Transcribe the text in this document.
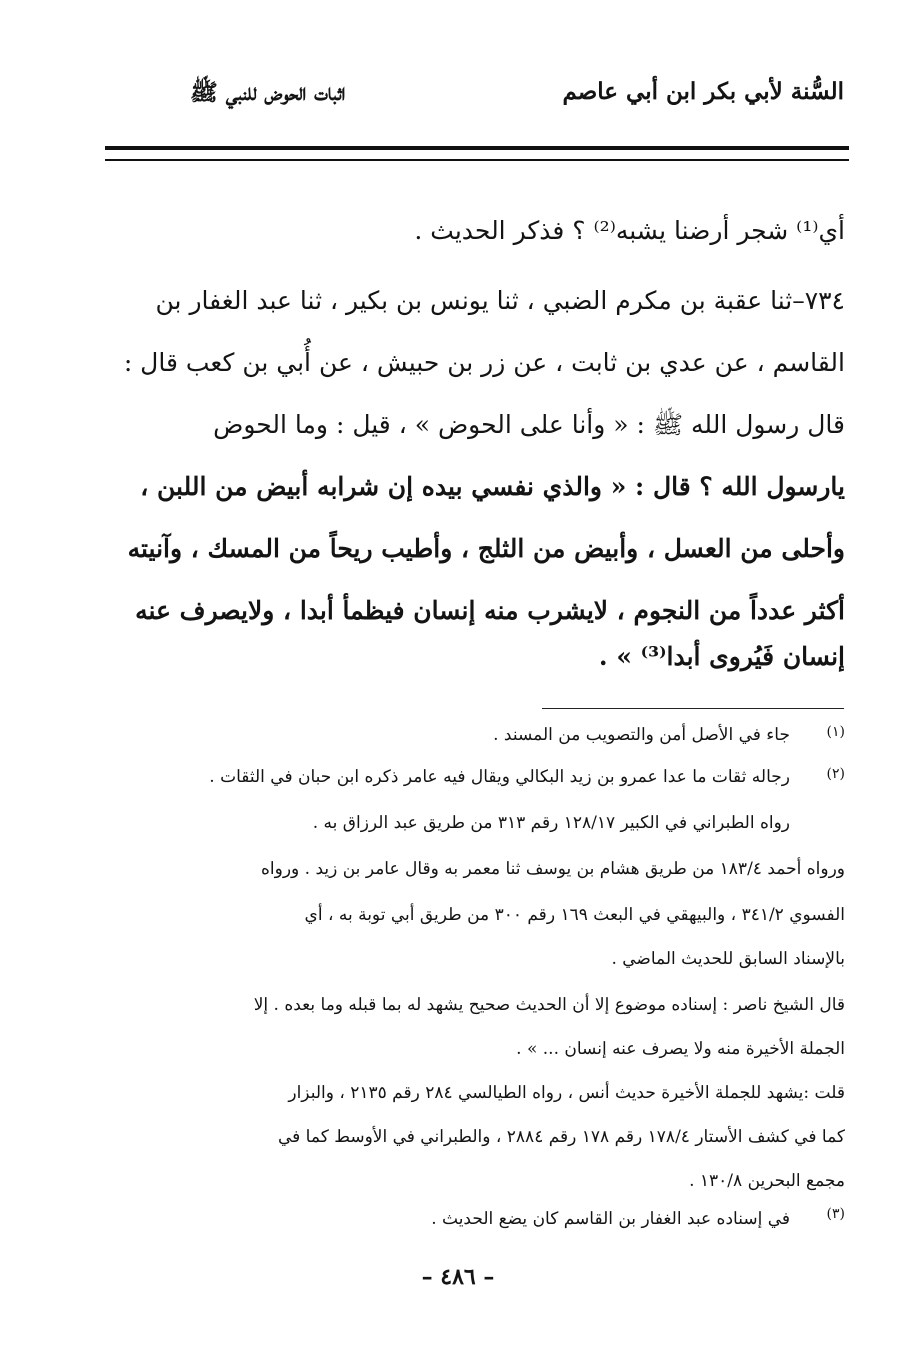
السُّنة لأبي بكر ابن أبي عاصم
اثبات الحوض للنبي ﷺ
أي⁽¹⁾ شجر أرضنا يشبه⁽²⁾ ؟ فذكر الحديث .
٧٣٤–ثنا عقبة بن مكرم الضبي ، ثنا يونس بن بكير ، ثنا عبد الغفار بن
القاسم ، عن عدي بن ثابت ، عن زر بن حبيش ، عن أُبي بن كعب قال :
قال رسول الله ﷺ : « وأنا على الحوض » ، قيل : وما الحوض
يارسول الله ؟ قال : « والذي نفسي بيده إن شرابه أبيض من اللبن ،
وأحلى من العسل ، وأبيض من الثلج ، وأطيب ريحاً من المسك ، وآنيته
أكثر عدداً من النجوم ، لايشرب منه إنسان فيظمأ أبدا ، ولايصرف عنه
إنسان فَيُروى أبدا⁽³⁾ » .
(١)
جاء في الأصل أمن والتصويب من المسند .
(٢)
رجاله ثقات ما عدا عمرو بن زيد البكالي ويقال فيه عامر ذكره ابن حبان في الثقات .
رواه الطبراني في الكبير ١٢٨/١٧ رقم ٣١٣ من طريق عبد الرزاق به .
ورواه أحمد ١٨٣/٤ من طريق هشام بن يوسف ثنا معمر به وقال عامر بن زيد . ورواه
الفسوي ٣٤١/٢ ، والبيهقي في البعث ١٦٩ رقم ٣٠٠ من طريق أبي توبة به ، أي
بالإسناد السابق للحديث الماضي .
قال الشيخ ناصر : إسناده موضوع إلا أن الحديث صحيح يشهد له بما قبله وما بعده . إلا
الجملة الأخيرة منه ولا يصرف عنه إنسان ... » .
قلت :يشهد للجملة الأخيرة حديث أنس ، رواه الطيالسي ٢٨٤ رقم ٢١٣٥ ، والبزار
كما في كشف الأستار ١٧٨/٤ رقم ١٧٨ رقم ٢٨٨٤ ، والطبراني في الأوسط كما في
مجمع البحرين ١٣٠/٨ .
(٣)
في إسناده عبد الغفار بن القاسم كان يضع الحديث .
– ٤٨٦ –
